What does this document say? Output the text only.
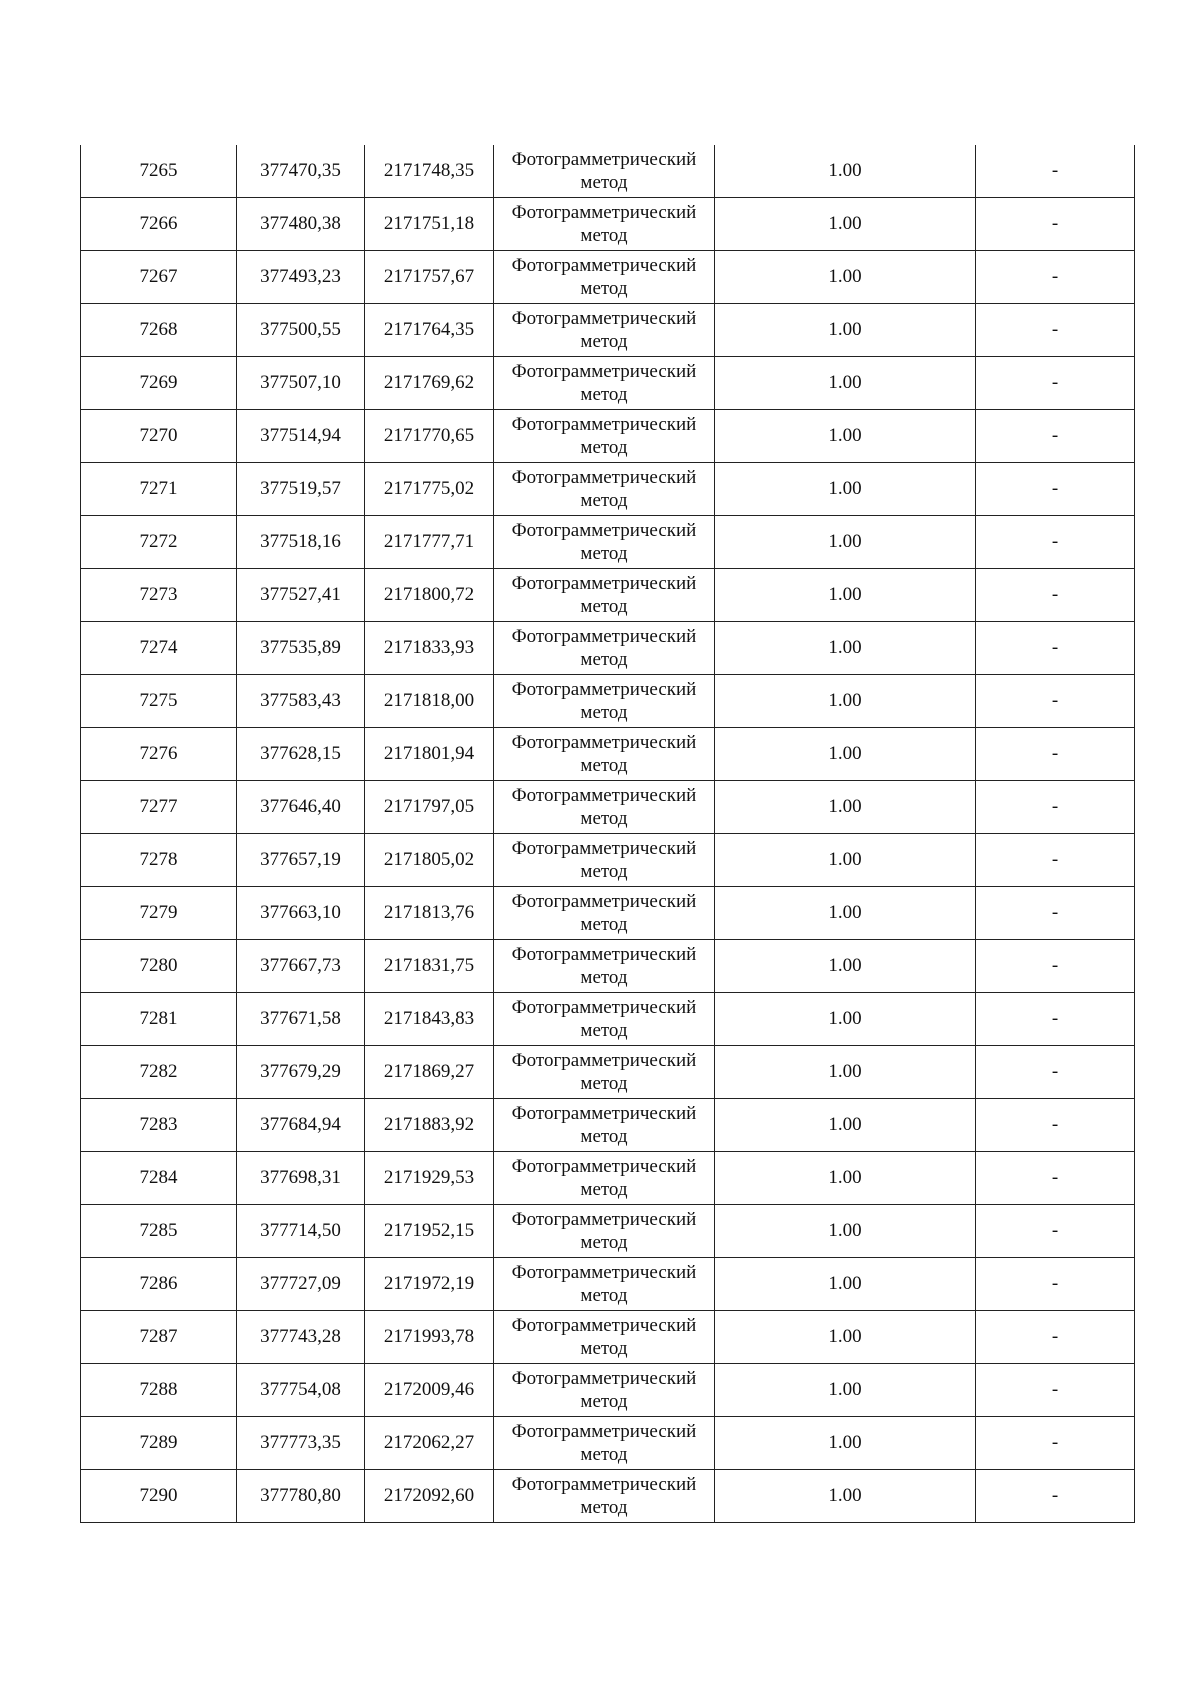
7265	377470,35	2171748,35	Фотограмметрический метод	1.00	-
7266	377480,38	2171751,18	Фотограмметрический метод	1.00	-
7267	377493,23	2171757,67	Фотограмметрический метод	1.00	-
7268	377500,55	2171764,35	Фотограмметрический метод	1.00	-
7269	377507,10	2171769,62	Фотограмметрический метод	1.00	-
7270	377514,94	2171770,65	Фотограмметрический метод	1.00	-
7271	377519,57	2171775,02	Фотограмметрический метод	1.00	-
7272	377518,16	2171777,71	Фотограмметрический метод	1.00	-
7273	377527,41	2171800,72	Фотограмметрический метод	1.00	-
7274	377535,89	2171833,93	Фотограмметрический метод	1.00	-
7275	377583,43	2171818,00	Фотограмметрический метод	1.00	-
7276	377628,15	2171801,94	Фотограмметрический метод	1.00	-
7277	377646,40	2171797,05	Фотограмметрический метод	1.00	-
7278	377657,19	2171805,02	Фотограмметрический метод	1.00	-
7279	377663,10	2171813,76	Фотограмметрический метод	1.00	-
7280	377667,73	2171831,75	Фотограмметрический метод	1.00	-
7281	377671,58	2171843,83	Фотограмметрический метод	1.00	-
7282	377679,29	2171869,27	Фотограмметрический метод	1.00	-
7283	377684,94	2171883,92	Фотограмметрический метод	1.00	-
7284	377698,31	2171929,53	Фотограмметрический метод	1.00	-
7285	377714,50	2171952,15	Фотограмметрический метод	1.00	-
7286	377727,09	2171972,19	Фотограмметрический метод	1.00	-
7287	377743,28	2171993,78	Фотограмметрический метод	1.00	-
7288	377754,08	2172009,46	Фотограмметрический метод	1.00	-
7289	377773,35	2172062,27	Фотограмметрический метод	1.00	-
7290	377780,80	2172092,60	Фотограмметрический метод	1.00	-
